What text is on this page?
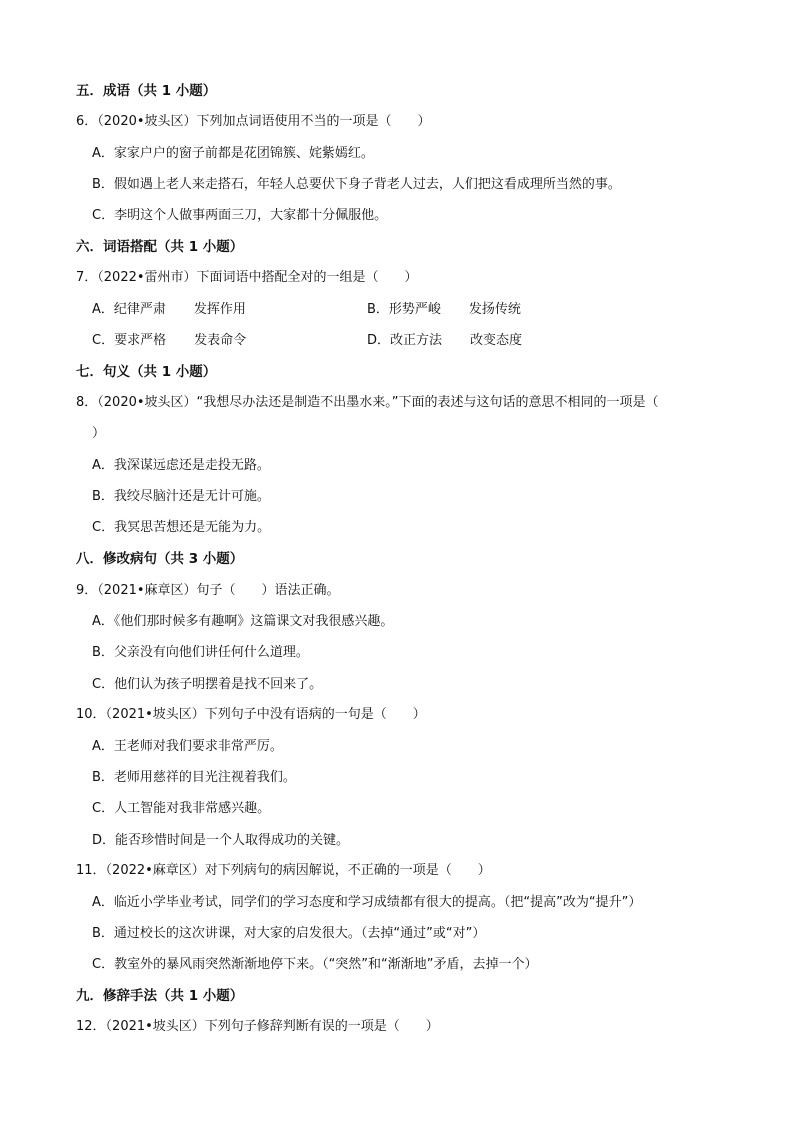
五．成语（共 1 小题）
6．（2020•坡头区）下列加点词语使用不当的一项是（　　）
A．家家户户的窗子前都是花团锦簇、姹紫嫣红。
B．假如遇上老人来走搭石，年轻人总要伏下身子背老人过去，人们把这看成理所当然的事。
C．李明这个人做事两面三刀，大家都十分佩服他。
六．词语搭配（共 1 小题）
7．（2022•雷州市）下面词语中搭配全对的一组是（　　）
A．纪律严肃 发挥作用	B．形势严峻 发扬传统
C．要求严格 发表命令	D．改正方法 改变态度
七．句义（共 1 小题）
8．（2020•坡头区）“我想尽办法还是制造不出墨水来。”下面的表述与这句话的意思不相同的一项是（
）
A．我深谋远虑还是走投无路。
B．我绞尽脑汁还是无计可施。
C．我冥思苦想还是无能为力。
八．修改病句（共 3 小题）
9．（2021•麻章区）句子（　　）语法正确。
A．《他们那时候多有趣啊》这篇课文对我很感兴趣。
B．父亲没有向他们讲任何什么道理。
C．他们认为孩子明摆着是找不回来了。
10．（2021•坡头区）下列句子中没有语病的一句是（　　）
A．王老师对我们要求非常严厉。
B．老师用慈祥的目光注视着我们。
C．人工智能对我非常感兴趣。
D．能否珍惜时间是一个人取得成功的关键。
11．（2022•麻章区）对下列病句的病因解说，不正确的一项是（　　）
A．临近小学毕业考试，同学们的学习态度和学习成绩都有很大的提高。（把“提高”改为“提升”）
B．通过校长的这次讲课，对大家的启发很大。（去掉“通过”或“对”）
C．教室外的暴风雨突然渐渐地停下来。（“突然”和“渐渐地”矛盾，去掉一个）
九．修辞手法（共 1 小题）
12．（2021•坡头区）下列句子修辞判断有误的一项是（　　）
